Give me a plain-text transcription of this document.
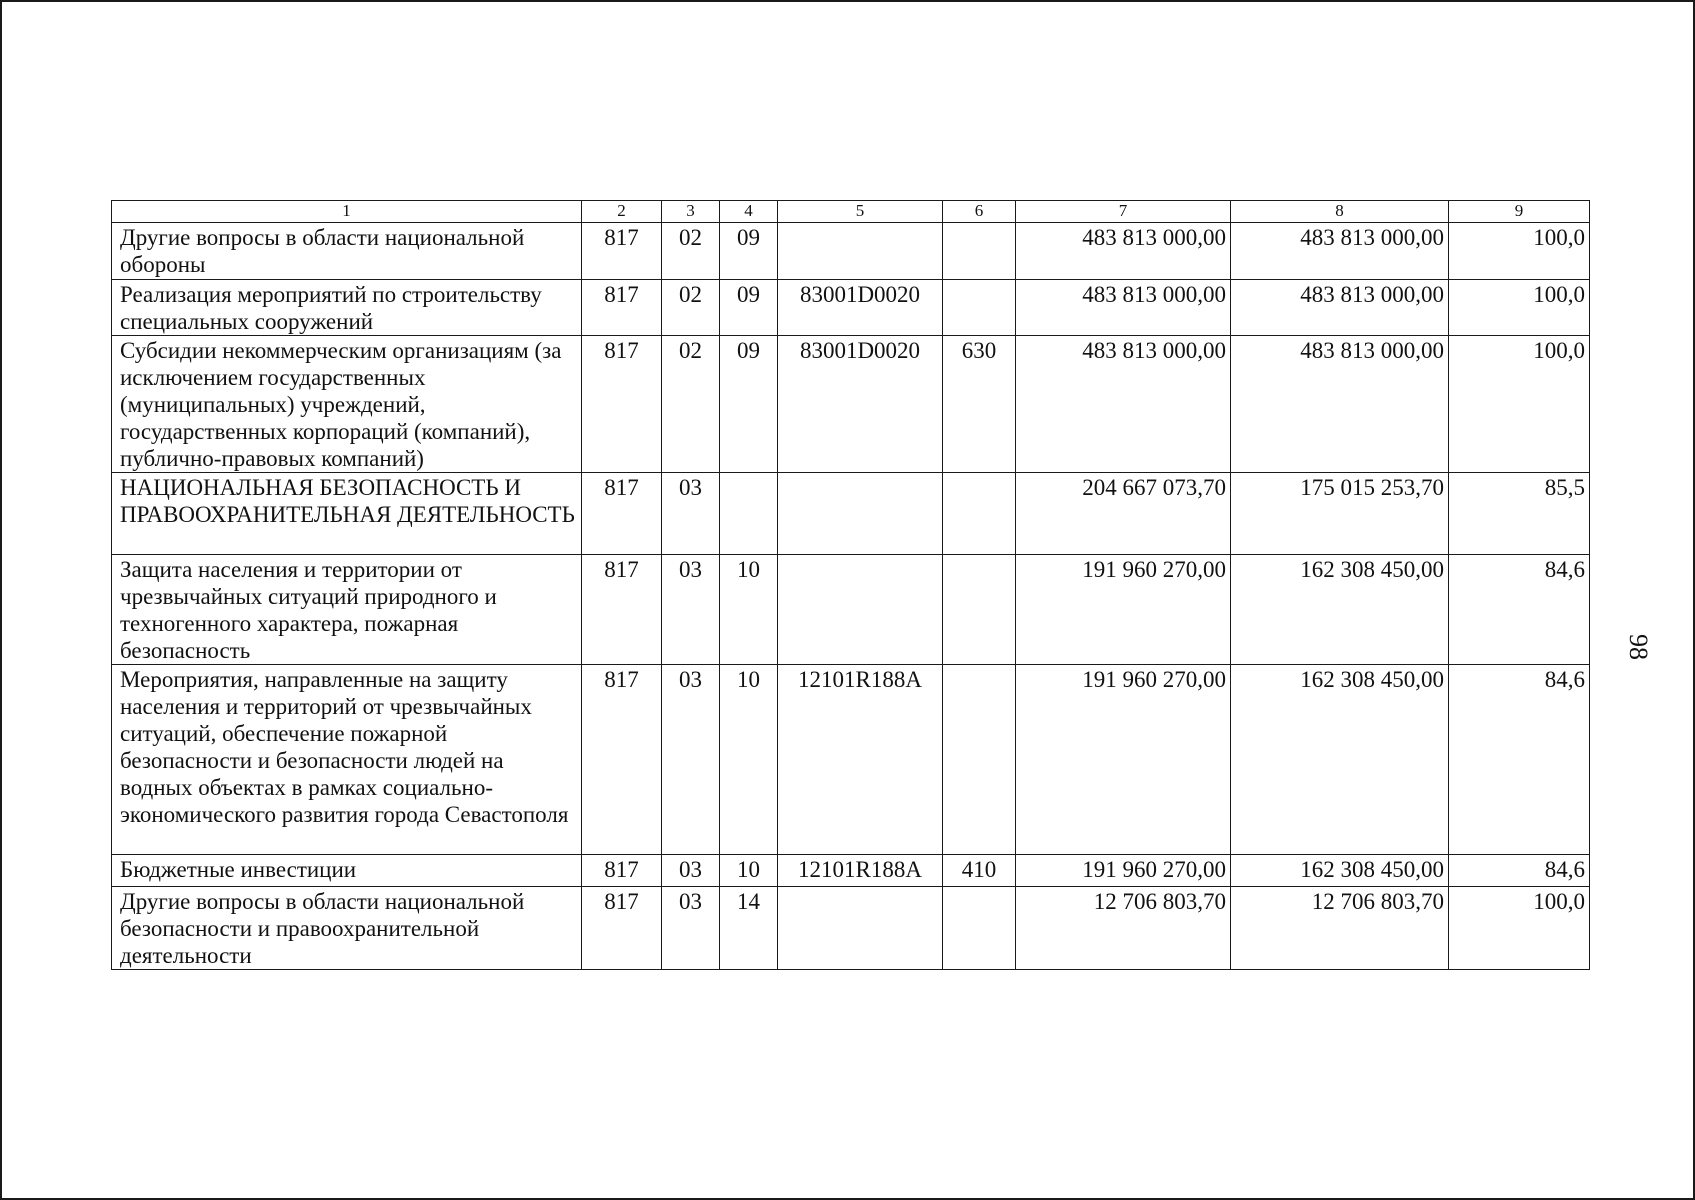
1	2	3	4	5	6	7	8	9
Другие вопросы в области национальной обороны	817	02	09			483 813 000,00	483 813 000,00	100,0
Реализация мероприятий по строительству специальных сооружений	817	02	09	83001D0020		483 813 000,00	483 813 000,00	100,0
Субсидии некоммерческим организациям (за исключением государственных (муниципальных) учреждений, государственных корпораций (компаний), публично-правовых компаний)	817	02	09	83001D0020	630	483 813 000,00	483 813 000,00	100,0
НАЦИОНАЛЬНАЯ БЕЗОПАСНОСТЬ И ПРАВООХРАНИТЕЛЬНАЯ ДЕЯТЕЛЬНОСТЬ	817	03				204 667 073,70	175 015 253,70	85,5
Защита населения и территории от чрезвычайных ситуаций природного и техногенного характера, пожарная безопасность	817	03	10			191 960 270,00	162 308 450,00	84,6
Мероприятия, направленные на защиту населения и территорий от чрезвычайных ситуаций, обеспечение пожарной безопасности и безопасности людей на водных объектах в рамках социально-экономического развития города Севастополя	817	03	10	12101R188A		191 960 270,00	162 308 450,00	84,6
Бюджетные инвестиции	817	03	10	12101R188A	410	191 960 270,00	162 308 450,00	84,6
Другие вопросы в области национальной безопасности и правоохранительной деятельности	817	03	14			12 706 803,70	12 706 803,70	100,0
98
